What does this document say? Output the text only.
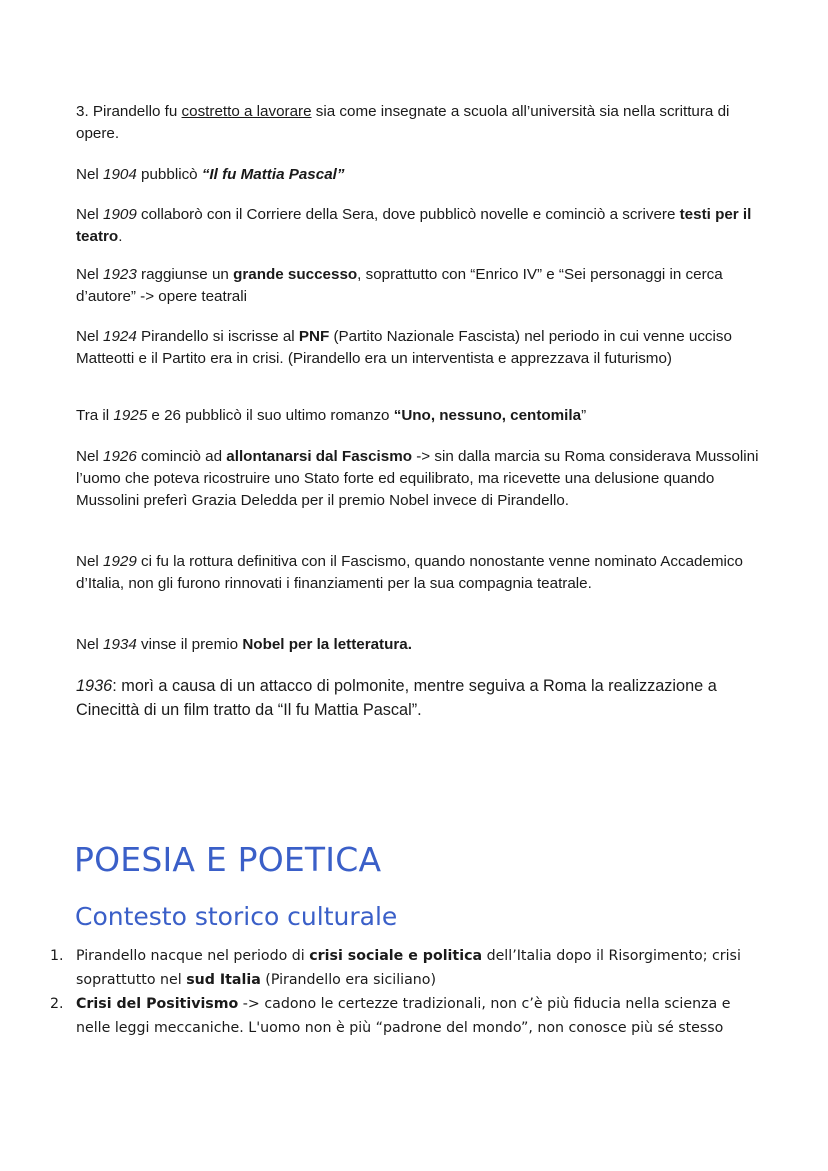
3. Pirandello fu costretto a lavorare sia come insegnate a scuola all’università sia nella scrittura di opere.

Nel 1904 pubblicò “Il fu Mattia Pascal”

Nel 1909 collaborò con il Corriere della Sera, dove pubblicò novelle e cominciò a scrivere testi per il teatro.

Nel 1923 raggiunse un grande successo, soprattutto con “Enrico IV” e “Sei personaggi in cerca d’autore” -> opere teatrali

Nel 1924 Pirandello si iscrisse al PNF (Partito Nazionale Fascista) nel periodo in cui venne ucciso Matteotti e il Partito era in crisi. (Pirandello era un interventista e apprezzava il futurismo)

Tra il 1925 e 26 pubblicò il suo ultimo romanzo “Uno, nessuno, centomila”

Nel 1926 cominciò ad allontanarsi dal Fascismo -> sin dalla marcia su Roma considerava Mussolini l’uomo che poteva ricostruire uno Stato forte ed equilibrato, ma ricevette una delusione quando Mussolini preferì Grazia Deledda per il premio Nobel invece di Pirandello.

Nel 1929 ci fu la rottura definitiva con il Fascismo, quando nonostante venne nominato Accademico d’Italia, non gli furono rinnovati i finanziamenti per la sua compagnia teatrale.

Nel 1934 vinse il premio Nobel per la letteratura.

1936: morì a causa di un attacco di polmonite, mentre seguiva a Roma la realizzazione a Cinecittà di un film tratto da “Il fu Mattia Pascal”.

POESIA E POETICA
Contesto storico culturale
1. Pirandello nacque nel periodo di crisi sociale e politica dell’Italia dopo il Risorgimento; crisi soprattutto nel sud Italia (Pirandello era siciliano)
2. Crisi del Positivismo -> cadono le certezze tradizionali, non c’è più fiducia nella scienza e nelle leggi meccaniche. L'uomo non è più “padrone del mondo”, non conosce più sé stesso
